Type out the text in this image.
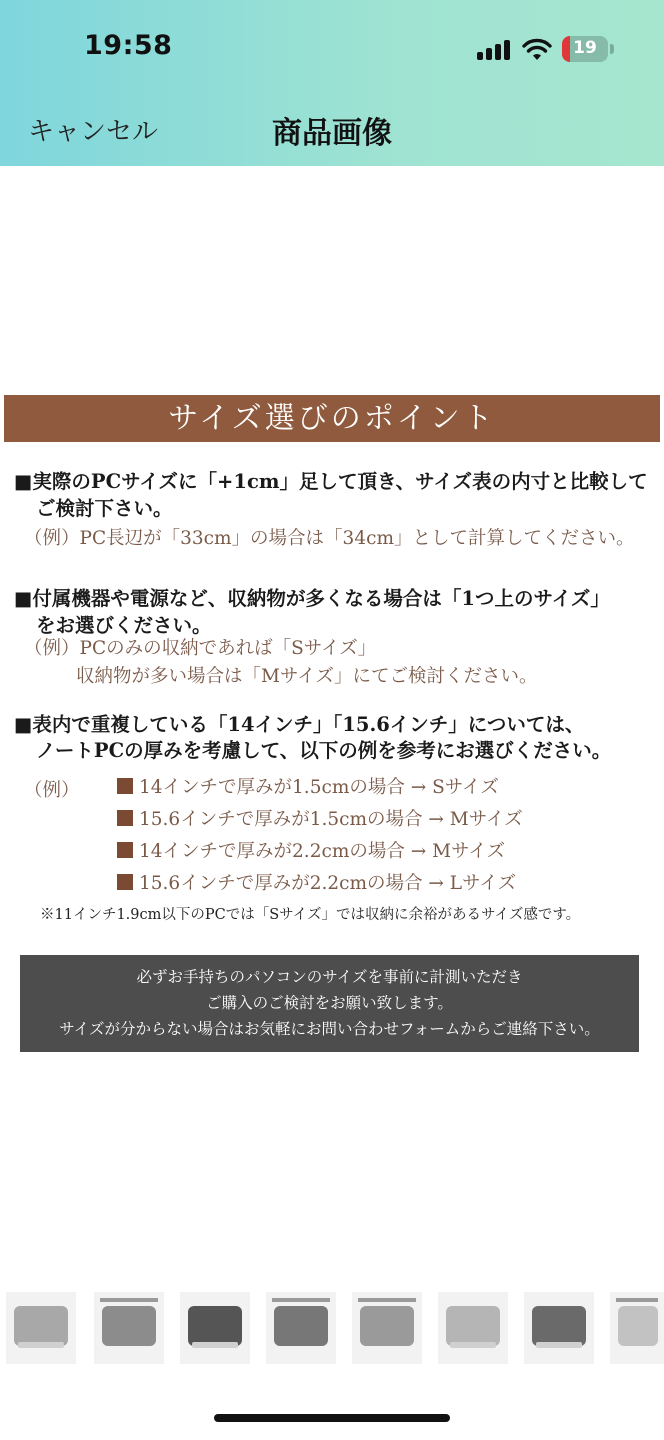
19:58	19
キャンセル	商品画像
サイズ選びのポイント
■実際のPCサイズに「+1cm」足して頂き、サイズ表の内寸と比較して
ご検討下さい。
（例）PC長辺が「33cm」の場合は「34cm」として計算してください。
■付属機器や電源など、収納物が多くなる場合は「1つ上のサイズ」
をお選びください。
（例）PCのみの収納であれば「Sサイズ」
収納物が多い場合は「Mサイズ」にてご検討ください。
■表内で重複している「14インチ」「15.6インチ」については、
ノートPCの厚みを考慮して、以下の例を参考にお選びください。
（例）	14インチで厚みが1.5cmの場合 → Sサイズ
15.6インチで厚みが1.5cmの場合 → Mサイズ
14インチで厚みが2.2cmの場合 → Mサイズ
15.6インチで厚みが2.2cmの場合 → Lサイズ
※11インチ1.9cm以下のPCでは「Sサイズ」では収納に余裕があるサイズ感です。
必ずお手持ちのパソコンのサイズを事前に計測いただき
ご購入のご検討をお願い致します。
サイズが分からない場合はお気軽にお問い合わせフォームからご連絡下さい。
